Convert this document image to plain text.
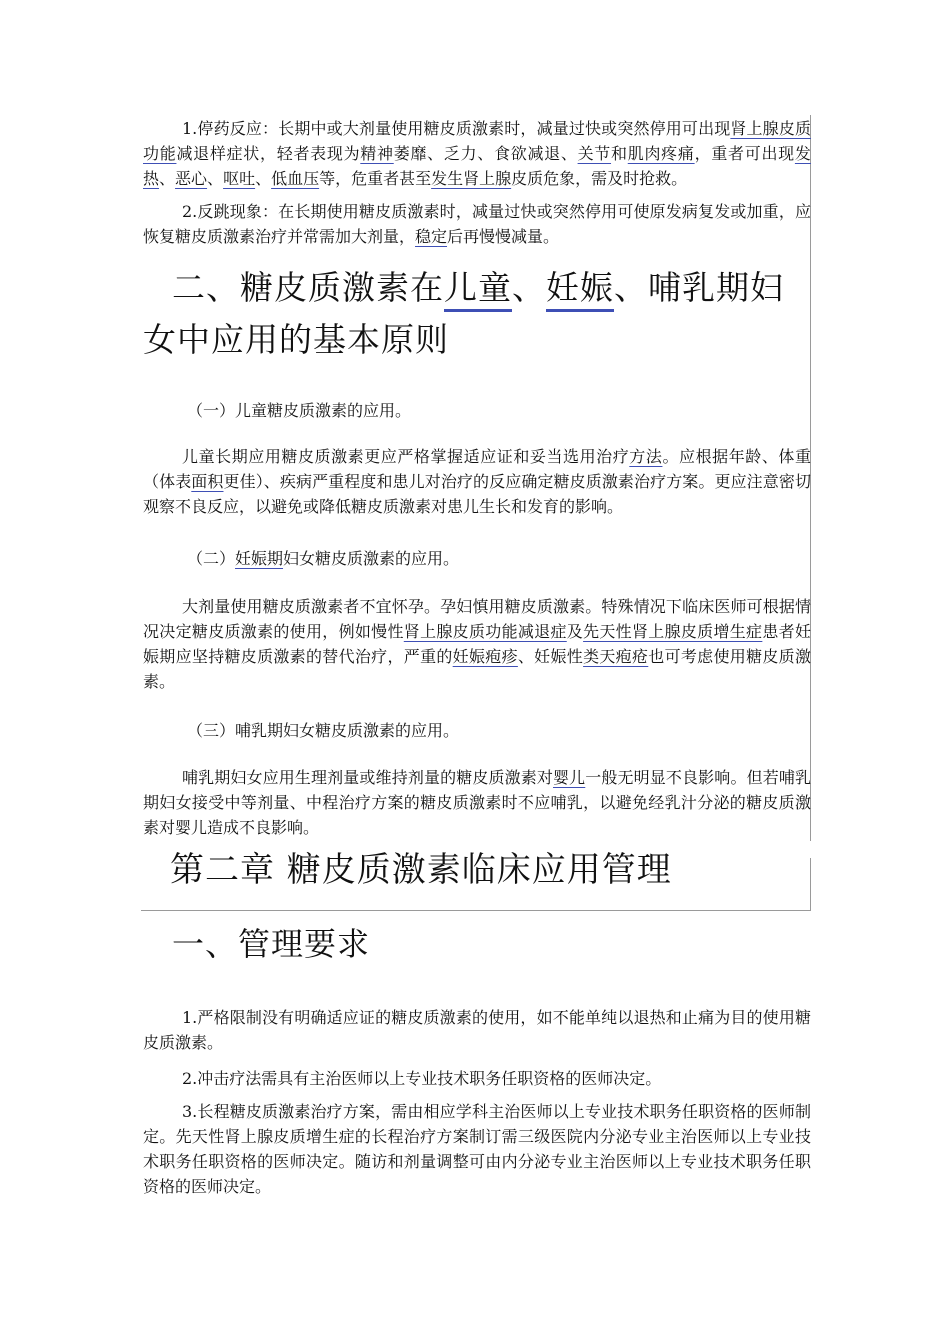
1.停药反应：长期中或大剂量使用糖皮质激素时，减量过快或突然停用可出现肾上腺皮质功能减退样症状，轻者表现为精神萎靡、乏力、食欲减退、关节和肌肉疼痛，重者可出现发热、恶心、呕吐、低血压等，危重者甚至发生肾上腺皮质危象，需及时抢救。

2.反跳现象：在长期使用糖皮质激素时，减量过快或突然停用可使原发病复发或加重，应恢复糖皮质激素治疗并常需加大剂量，稳定后再慢慢减量。

二、糖皮质激素在儿童、妊娠、哺乳期妇女中应用的基本原则

（一）儿童糖皮质激素的应用。

儿童长期应用糖皮质激素更应严格掌握适应证和妥当选用治疗方法。应根据年龄、体重（体表面积更佳）、疾病严重程度和患儿对治疗的反应确定糖皮质激素治疗方案。更应注意密切观察不良反应，以避免或降低糖皮质激素对患儿生长和发育的影响。

（二）妊娠期妇女糖皮质激素的应用。

大剂量使用糖皮质激素者不宜怀孕。孕妇慎用糖皮质激素。特殊情况下临床医师可根据情况决定糖皮质激素的使用，例如慢性肾上腺皮质功能减退症及先天性肾上腺皮质增生症患者妊娠期应坚持糖皮质激素的替代治疗，严重的妊娠疱疹、妊娠性类天疱疮也可考虑使用糖皮质激素。

（三）哺乳期妇女糖皮质激素的应用。

哺乳期妇女应用生理剂量或维持剂量的糖皮质激素对婴儿一般无明显不良影响。但若哺乳期妇女接受中等剂量、中程治疗方案的糖皮质激素时不应哺乳，以避免经乳汁分泌的糖皮质激素对婴儿造成不良影响。

第二章 糖皮质激素临床应用管理
一、管理要求

1.严格限制没有明确适应证的糖皮质激素的使用，如不能单纯以退热和止痛为目的使用糖皮质激素。

2.冲击疗法需具有主治医师以上专业技术职务任职资格的医师决定。

3.长程糖皮质激素治疗方案，需由相应学科主治医师以上专业技术职务任职资格的医师制定。先天性肾上腺皮质增生症的长程治疗方案制订需三级医院内分泌专业主治医师以上专业技术职务任职资格的医师决定。随访和剂量调整可由内分泌专业主治医师以上专业技术职务任职资格的医师决定。
